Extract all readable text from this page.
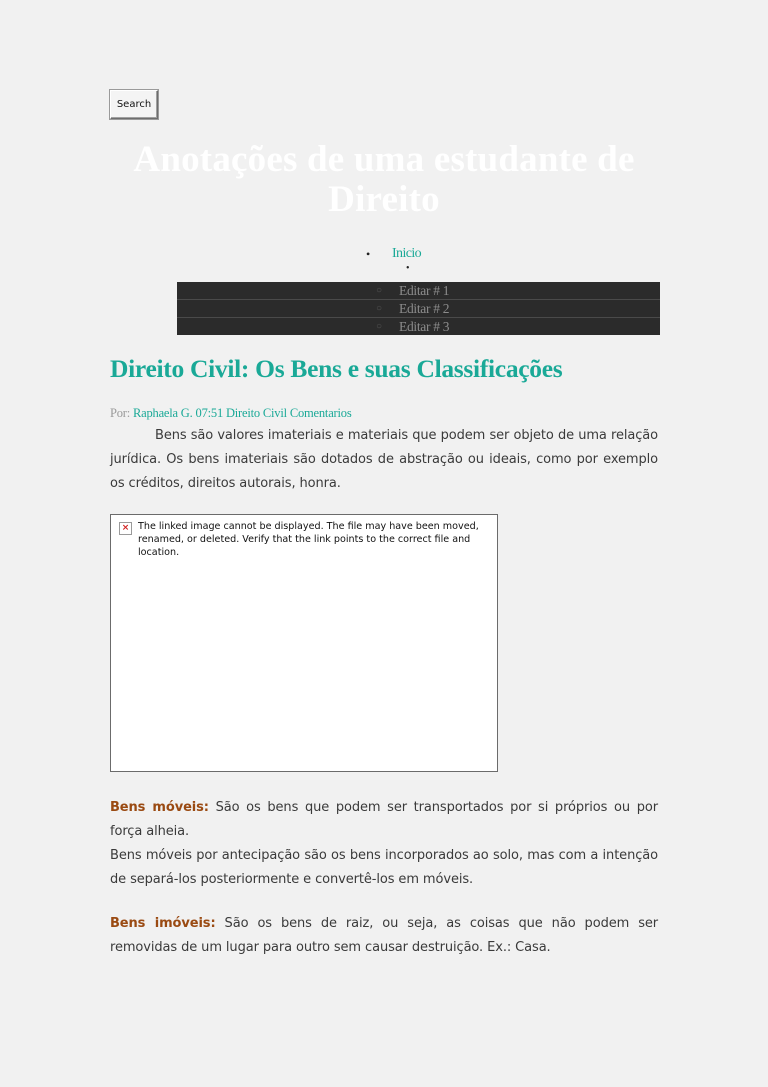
Search
Anotações de uma estudante de Direito
• Inicio
•
○ Editar # 1
○ Editar # 2
○ Editar # 3
Direito Civil: Os Bens e suas Classificações
Por: Raphaela G. 07:51 Direito Civil Comentarios

Bens são valores imateriais e materiais que podem ser objeto de uma relação jurídica. Os bens imateriais são dotados de abstração ou ideais, como por exemplo os créditos, direitos autorais, honra.

× The linked image cannot be displayed. The file may have been moved, renamed, or deleted. Verify that the link points to the correct file and location.

Bens móveis: São os bens que podem ser transportados por si próprios ou por força alheia.

Bens móveis por antecipação são os bens incorporados ao solo, mas com a intenção de separá-los posteriormente e convertê-los em móveis.

Bens imóveis: São os bens de raiz, ou seja, as coisas que não podem ser removidas de um lugar para outro sem causar destruição. Ex.: Casa.
